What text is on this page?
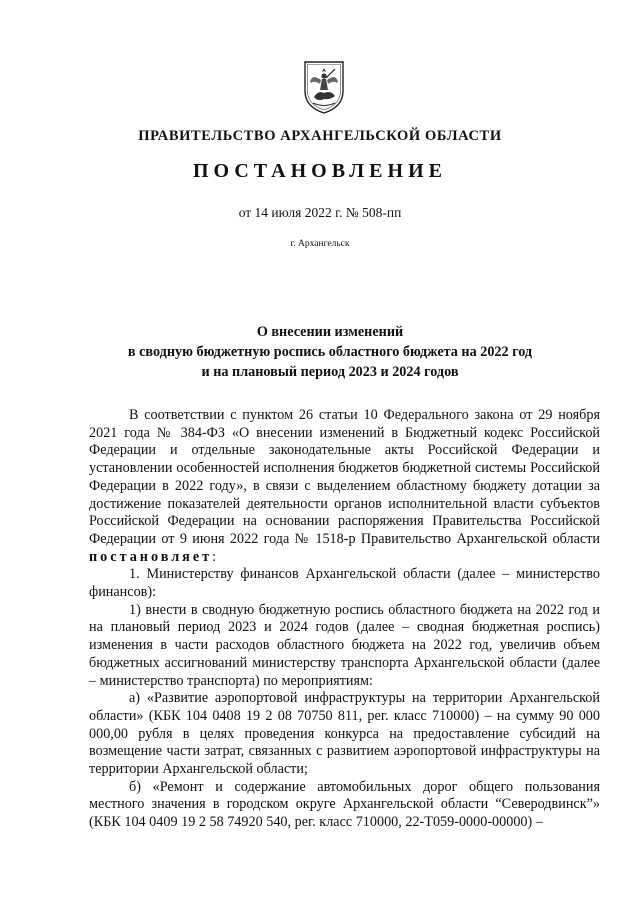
ПРАВИТЕЛЬСТВО АРХАНГЕЛЬСКОЙ ОБЛАСТИ
ПОСТАНОВЛЕНИЕ
от 14 июля 2022 г. № 508-пп
г. Архангельск
О внесении изменений
в сводную бюджетную роспись областного бюджета на 2022 год
и на плановый период 2023 и 2024 годов

В соответствии с пунктом 26 статьи 10 Федерального закона от 29 ноября 2021 года № 384-ФЗ «О внесении изменений в Бюджетный кодекс Российской Федерации и отдельные законодательные акты Российской Федерации и установлении особенностей исполнения бюджетов бюджетной системы Российской Федерации в 2022 году», в связи с выделением областному бюджету дотации за достижение показателей деятельности органов исполнительной власти субъектов Российской Федерации на основании распоряжения Правительства Российской Федерации от 9 июня 2022 года № 1518-р Правительство Архангельской области постановляет:

1. Министерству финансов Архангельской области (далее – министерство финансов):

1) внести в сводную бюджетную роспись областного бюджета на 2022 год и на плановый период 2023 и 2024 годов (далее – сводная бюджетная роспись) изменения в части расходов областного бюджета на 2022 год, увеличив объем бюджетных ассигнований министерству транспорта Архангельской области (далее – министерство транспорта) по мероприятиям:

а) «Развитие аэропортовой инфраструктуры на территории Архангельской области» (КБК 104 0408 19 2 08 70750 811, рег. класс 710000) – на сумму 90 000 000,00 рубля в целях проведения конкурса на предоставление субсидий на возмещение части затрат, связанных с развитием аэропортовой инфраструктуры на территории Архангельской области;

б) «Ремонт и содержание автомобильных дорог общего пользования местного значения в городском округе Архангельской области “Северодвинск”» (КБК 104 0409 19 2 58 74920 540, рег. класс 710000, 22-Т059-0000-00000) –
